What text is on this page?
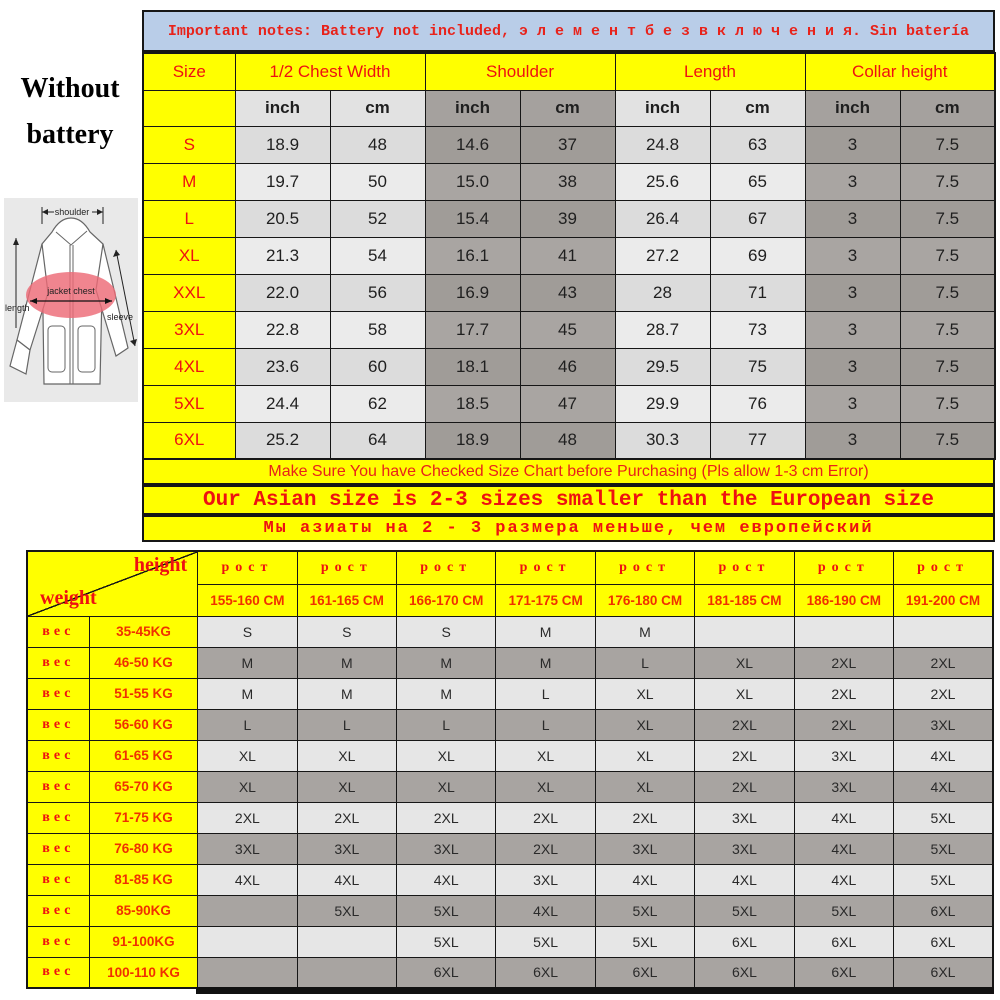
Without
battery
shoulder
jacket chest
length
sleeve
Important notes: Battery not included, э л е м е н т б е з в к л ю ч е н и я. Sin batería
Size	1/2 Chest Width		Shoulder		Length		Collar height	
	inch	cm	inch	cm	inch	cm	inch	cm
S	18.9	48	14.6	37	24.8	63	3	7.5
M	19.7	50	15.0	38	25.6	65	3	7.5
L	20.5	52	15.4	39	26.4	67	3	7.5
XL	21.3	54	16.1	41	27.2	69	3	7.5
XXL	22.0	56	16.9	43	28	71	3	7.5
3XL	22.8	58	17.7	45	28.7	73	3	7.5
4XL	23.6	60	18.1	46	29.5	75	3	7.5
5XL	24.4	62	18.5	47	29.9	76	3	7.5
6XL	25.2	64	18.9	48	30.3	77	3	7.5
Make Sure You have Checked Size Chart before Purchasing (Pls allow 1-3 cm Error)
Our Asian size is 2-3 sizes smaller than the European size
Мы азиаты на 2 - 3 размера меньше, чем европейский
height
weight		рост	рост	рост	рост	рост	рост	рост	рост
		155-160 CM	161-165 CM	166-170 CM	171-175 CM	176-180 CM	181-185 CM	186-190 CM	191-200 CM
вес	35-45KG	S	S	S	M	M			
вес	46-50 KG	M	M	M	M	L	XL	2XL	2XL
вес	51-55 KG	M	M	M	L	XL	XL	2XL	2XL
вес	56-60 KG	L	L	L	L	XL	2XL	2XL	3XL
вес	61-65 KG	XL	XL	XL	XL	XL	2XL	3XL	4XL
вес	65-70 KG	XL	XL	XL	XL	XL	2XL	3XL	4XL
вес	71-75 KG	2XL	2XL	2XL	2XL	2XL	3XL	4XL	5XL
вес	76-80 KG	3XL	3XL	3XL	2XL	3XL	3XL	4XL	5XL
вес	81-85 KG	4XL	4XL	4XL	3XL	4XL	4XL	4XL	5XL
вес	85-90KG		5XL	5XL	4XL	5XL	5XL	5XL	6XL
вес	91-100KG			5XL	5XL	5XL	6XL	6XL	6XL
вес	100-110 KG			6XL	6XL	6XL	6XL	6XL	6XL
